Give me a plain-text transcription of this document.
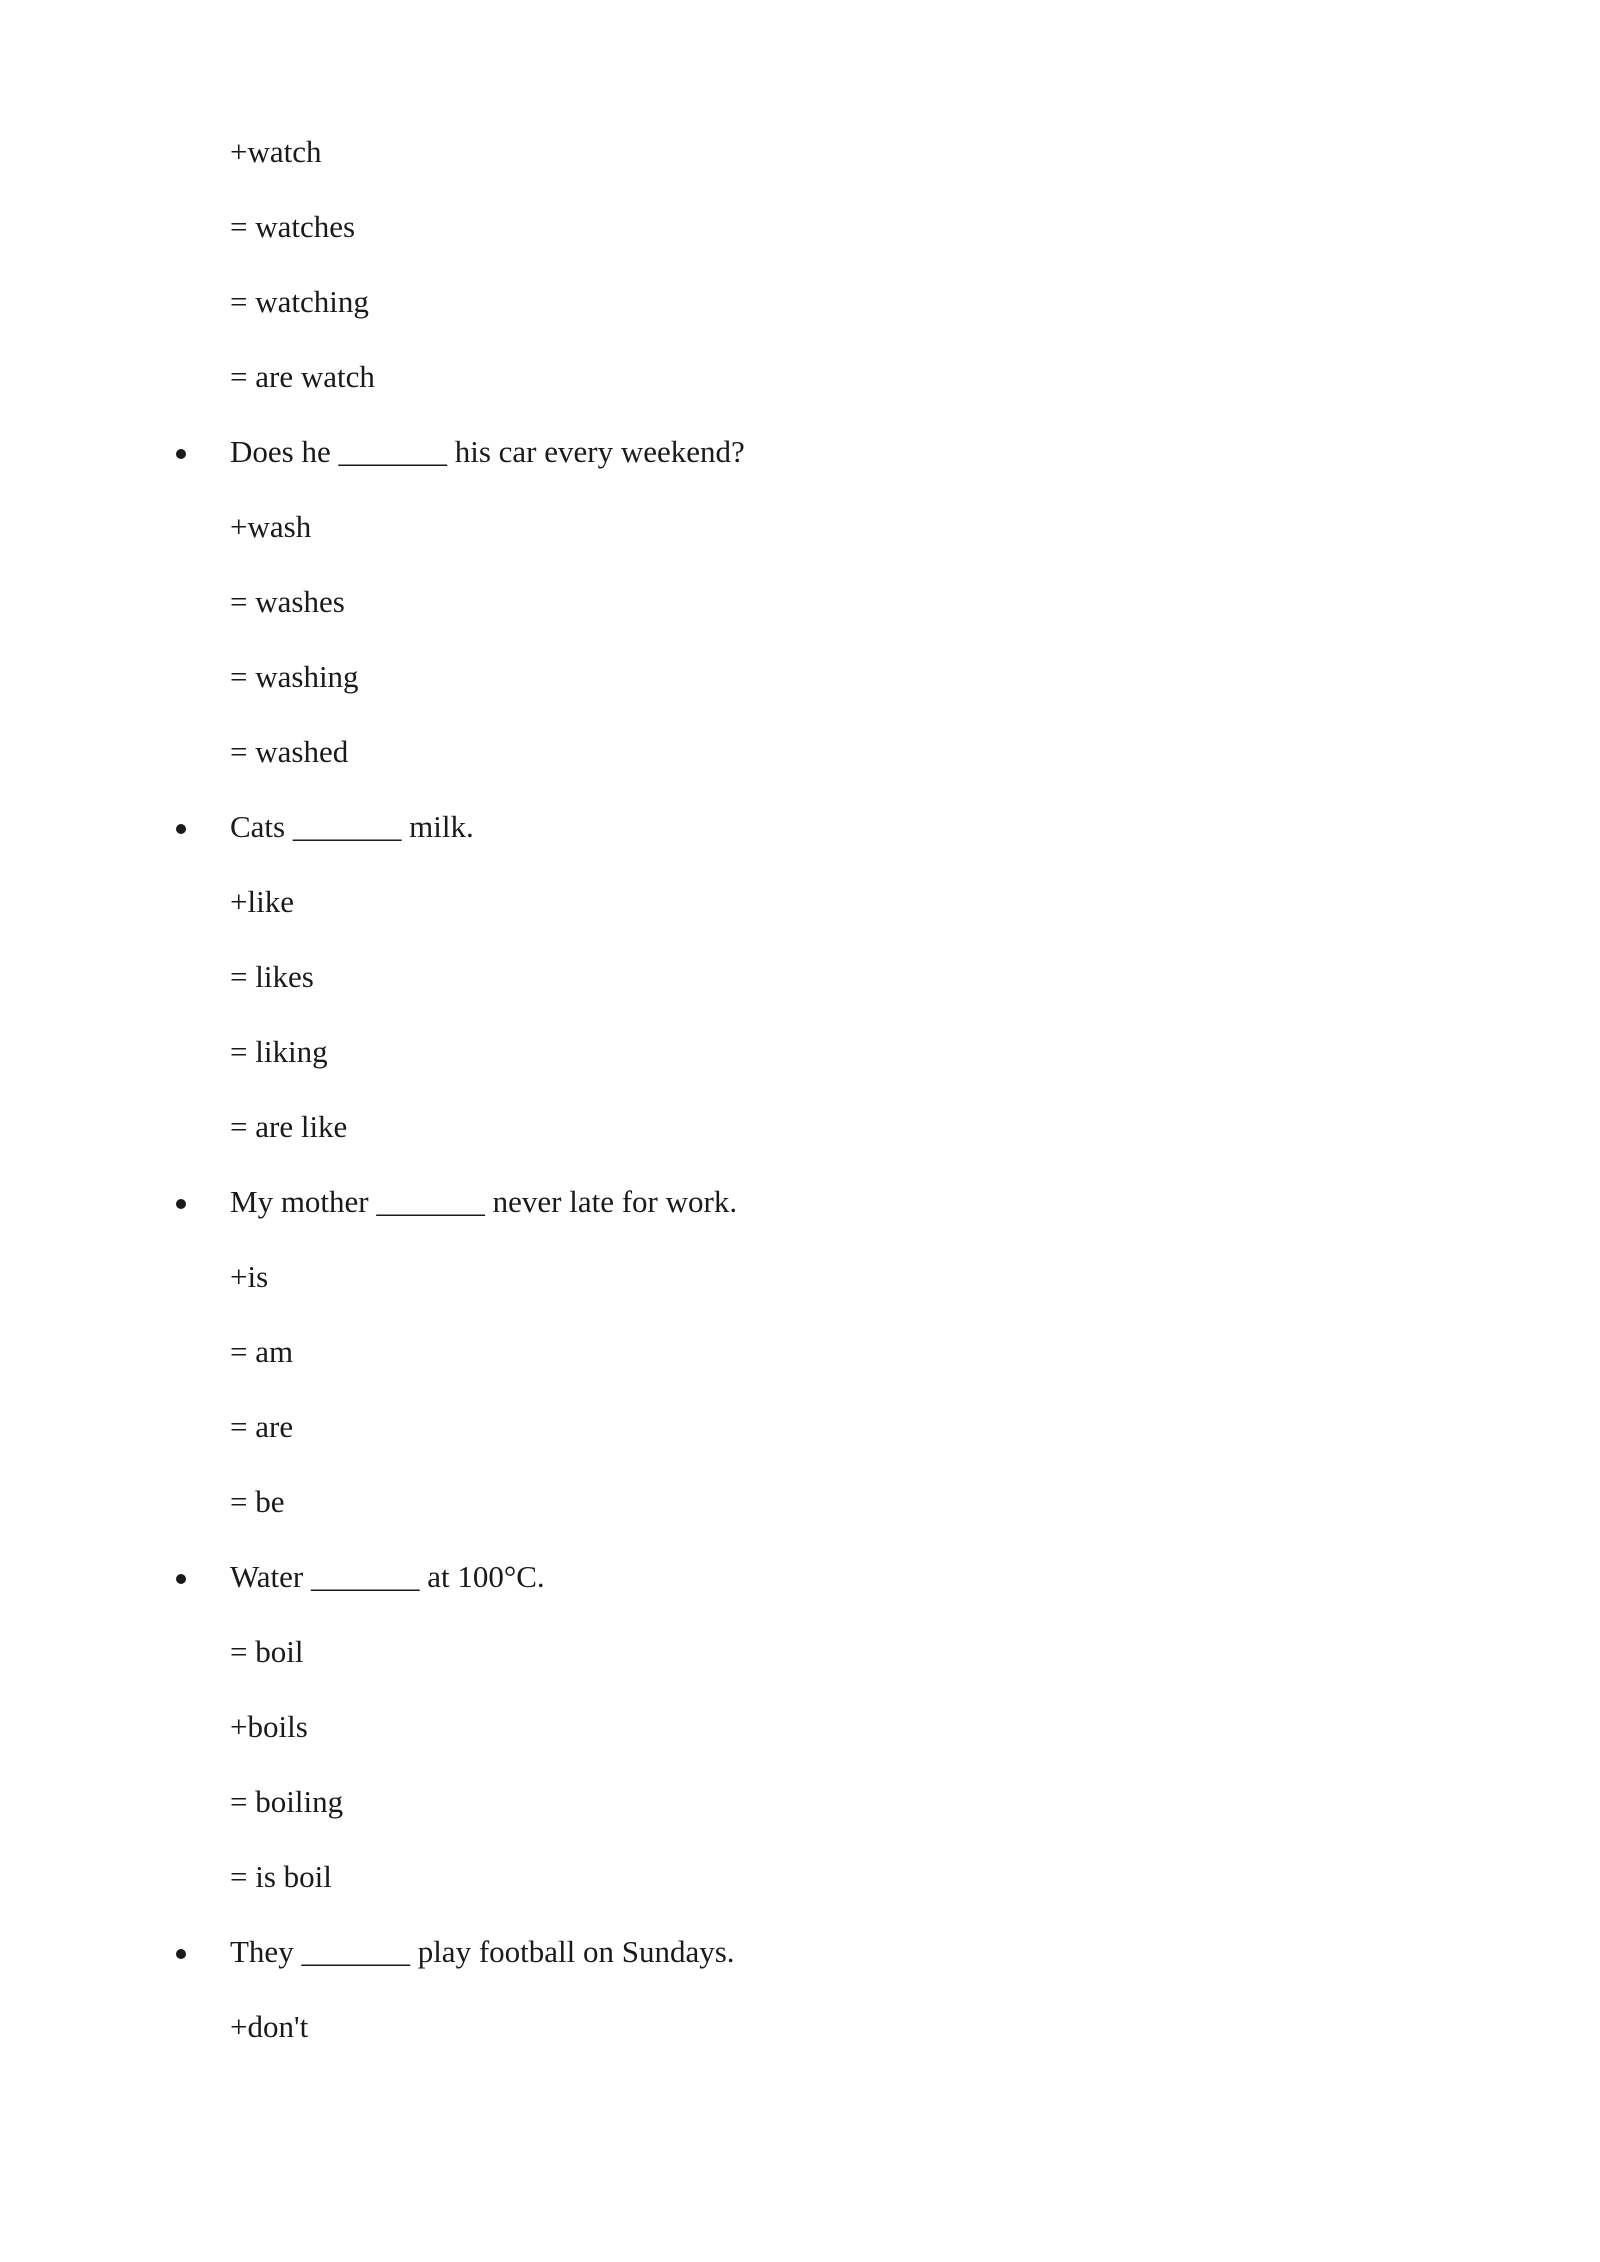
+watch
= watches
= watching
= are watch
Does he _______ his car every weekend?
+wash
= washes
= washing
= washed
Cats _______ milk.
+like
= likes
= liking
= are like
My mother _______ never late for work.
+is
= am
= are
= be
Water _______ at 100°C.
= boil
+boils
= boiling
= is boil
They _______ play football on Sundays.
+don't
